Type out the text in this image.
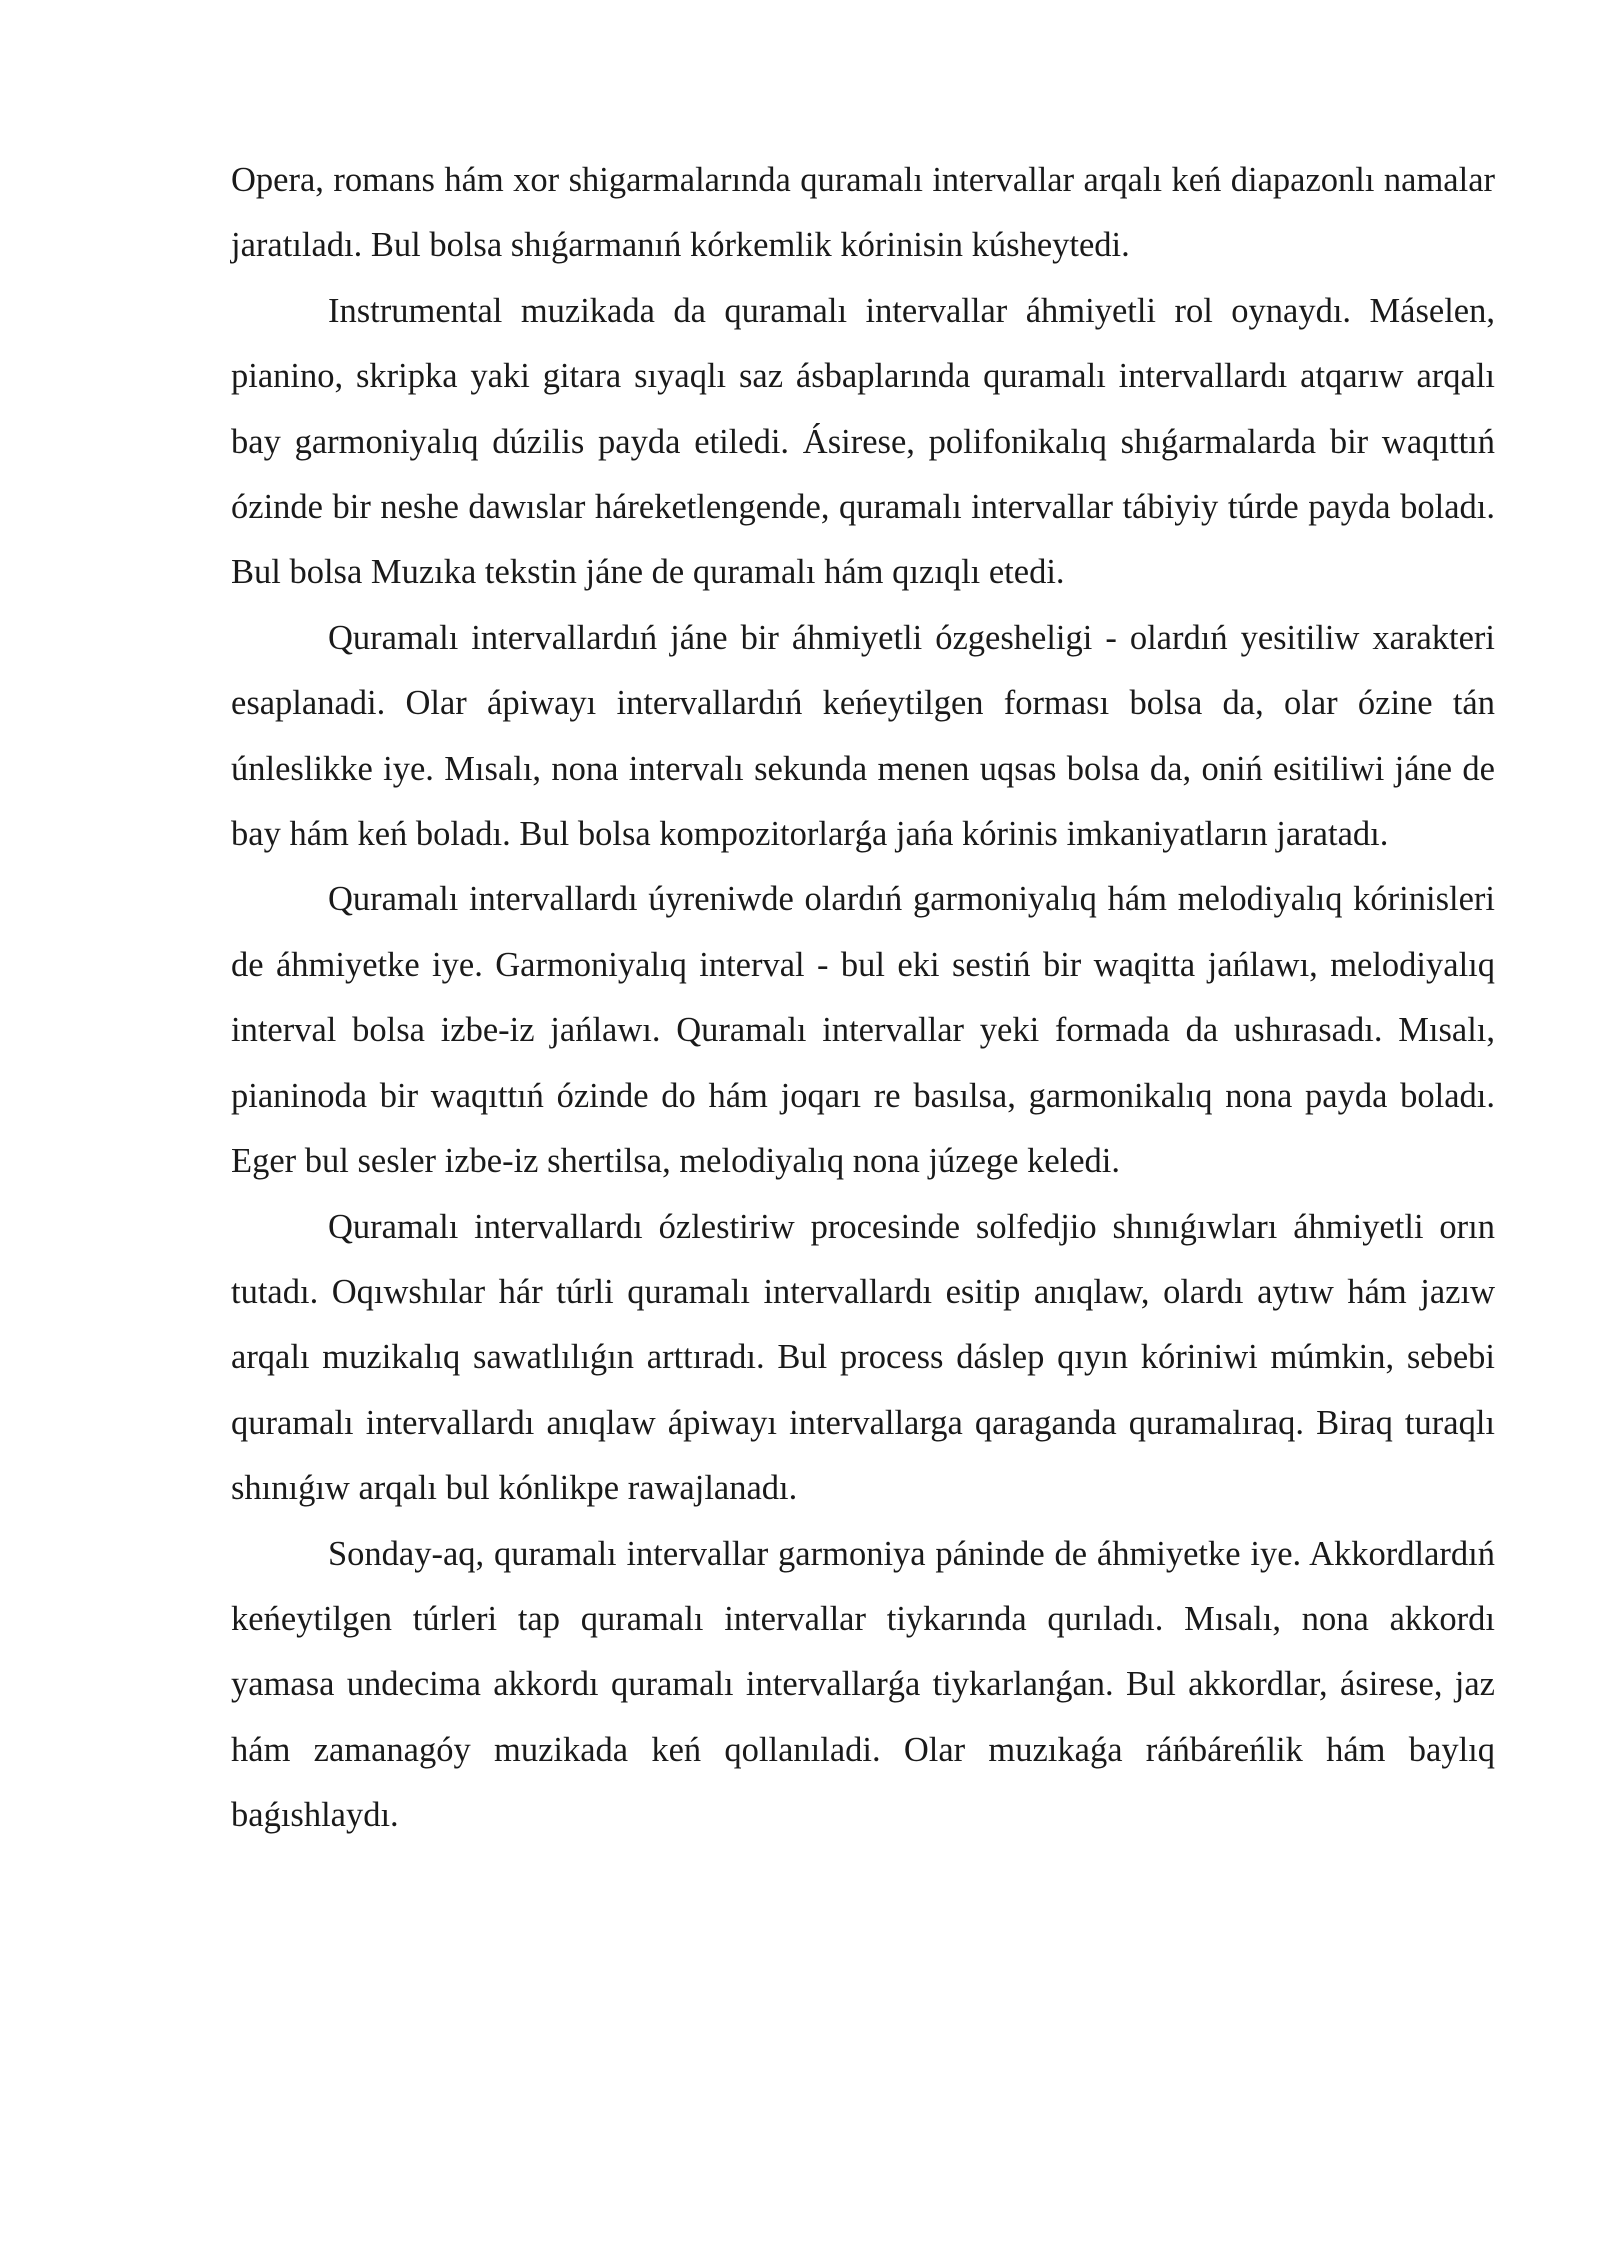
Opera, romans hám xor shigarmalarında quramalı intervallar arqalı keń diapazonlı namalar jaratıladı. Bul bolsa shıǵarmanıń kórkemlik kórinisin kúsheytedi.

Instrumental muzikada da quramalı intervallar áhmiyetli rol oynaydı. Máselen, pianino, skripka yaki gitara sıyaqlı saz ásbaplarında quramalı intervallardı atqarıw arqalı bay garmoniyalıq dúzilis payda etiledi. Ásirese, polifonikalıq shıǵarmalarda bir waqıttıń ózinde bir neshe dawıslar háreketlengende, quramalı intervallar tábiyiy túrde payda boladı. Bul bolsa Muzıka tekstin jáne de quramalı hám qızıqlı etedi.

Quramalı intervallardıń jáne bir áhmiyetli ózgesheligi - olardıń yesitiliw xarakteri esaplanadi. Olar ápiwayı intervallardıń keńeytilgen forması bolsa da, olar ózine tán únleslikke iye. Mısalı, nona intervalı sekunda menen uqsas bolsa da, oniń esitiliwi jáne de bay hám keń boladı. Bul bolsa kompozitorlarǵa jańa kórinis imkaniyatların jaratadı.

Quramalı intervallardı úyreniwde olardıń garmoniyalıq hám melodiyalıq kórinisleri de áhmiyetke iye. Garmoniyalıq interval - bul eki sestiń bir waqitta jańlawı, melodiyalıq interval bolsa izbe-iz jańlawı. Quramalı intervallar yeki formada da ushırasadı. Mısalı, pianinoda bir waqıttıń ózinde do hám joqarı re basılsa, garmonikalıq nona payda boladı. Eger bul sesler izbe-iz shertilsa, melodiyalıq nona júzege keledi.

Quramalı intervallardı ózlestiriw procesinde solfedjio shınıǵıwları áhmiyetli orın tutadı. Oqıwshılar hár túrli quramalı intervallardı esitip anıqlaw, olardı aytıw hám jazıw arqalı muzikalıq sawatlılıǵın arttıradı. Bul process dáslep qıyın kóriniwi múmkin, sebebi quramalı intervallardı anıqlaw ápiwayı intervallarga qaraganda quramalıraq. Biraq turaqlı shınıǵıw arqalı bul kónlikpe rawajlanadı.

Sonday-aq, quramalı intervallar garmoniya pánindе de áhmiyetke iye. Akkordlardıń keńeytilgen túrleri tap quramalı intervallar tiykarında qurıladı. Mısalı, nona akkordı yamasa undecima akkordı quramalı intervallarǵa tiykarlanǵan. Bul akkordlar, ásirese, jaz hám zamanagóy muzikada keń qollanıladi. Olar muzıkaǵa ráńbáreńlik hám baylıq baǵıshlaydı.
